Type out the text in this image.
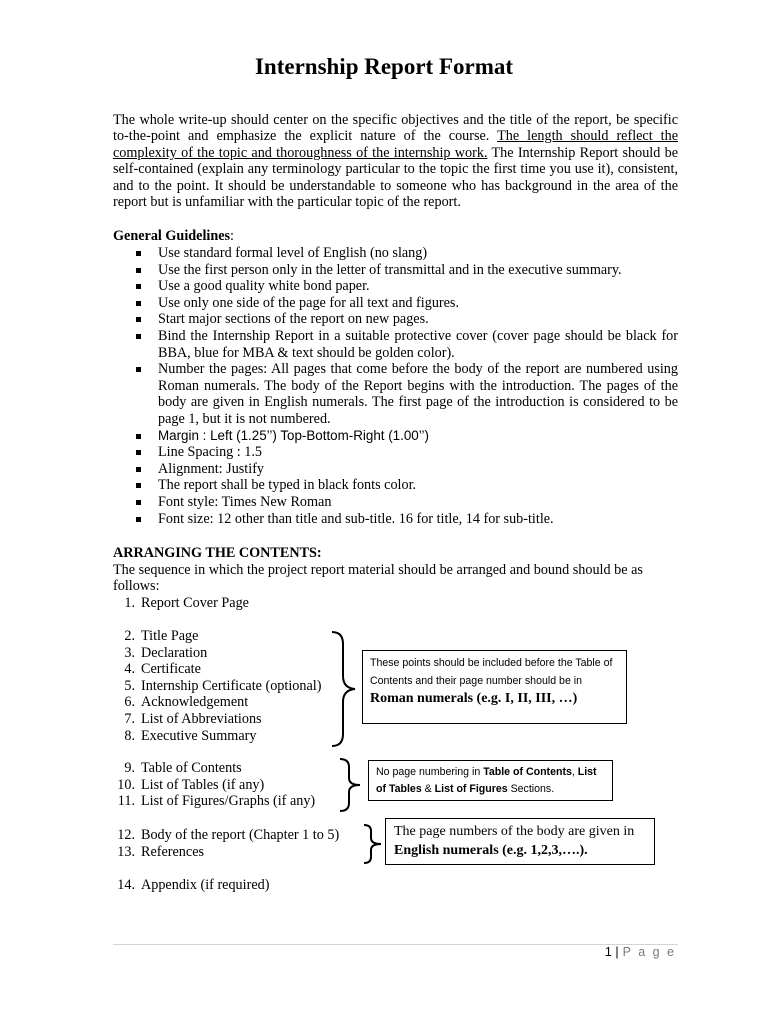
Internship Report Format

The whole write-up should center on the specific objectives and the title of the report, be specific to-the-point and emphasize the explicit nature of the course. The length should reflect the complexity of the topic and thoroughness of the internship work. The Internship Report should be self-contained (explain any terminology particular to the topic the first time you use it), consistent, and to the point. It should be understandable to someone who has background in the area of the report but is unfamiliar with the particular topic of the report.

General Guidelines:

Use standard formal level of English (no slang)
Use the first person only in the letter of transmittal and in the executive summary.
Use a good quality white bond paper.
Use only one side of the page for all text and figures.
Start major sections of the report on new pages.
Bind the Internship Report in a suitable protective cover (cover page should be black for BBA, blue for MBA & text should be golden color).
Number the pages: All pages that come before the body of the report are numbered using Roman numerals. The body of the Report begins with the introduction. The pages of the body are given in English numerals. The first page of the introduction is considered to be page 1, but it is not numbered.
Margin : Left (1.25’’) Top-Bottom-Right (1.00’’)
Line Spacing : 1.5
Alignment: Justify
The report shall be typed in black fonts color.
Font style: Times New Roman
Font size: 12 other than title and sub-title. 16 for title, 14 for sub-title.

ARRANGING THE CONTENTS:

The sequence in which the project report material should be arranged and bound should be as follows:

1. Report Cover Page
2. Title Page
3. Declaration
4. Certificate
5. Internship Certificate (optional)
6. Acknowledgement
7. List of Abbreviations
8. Executive Summary
9. Table of Contents
10. List of Tables (if any)
11. List of Figures/Graphs (if any)
12. Body of the report (Chapter 1 to 5)
13. References
14. Appendix (if required)
These points should be included before the Table of Contents and their page number should be in Roman numerals (e.g. I, II, III, …)
No page numbering in Table of Contents, List of Tables & List of Figures Sections.
The page numbers of the body are given in
English numerals (e.g. 1,2,3,….).
1 | P a g e
